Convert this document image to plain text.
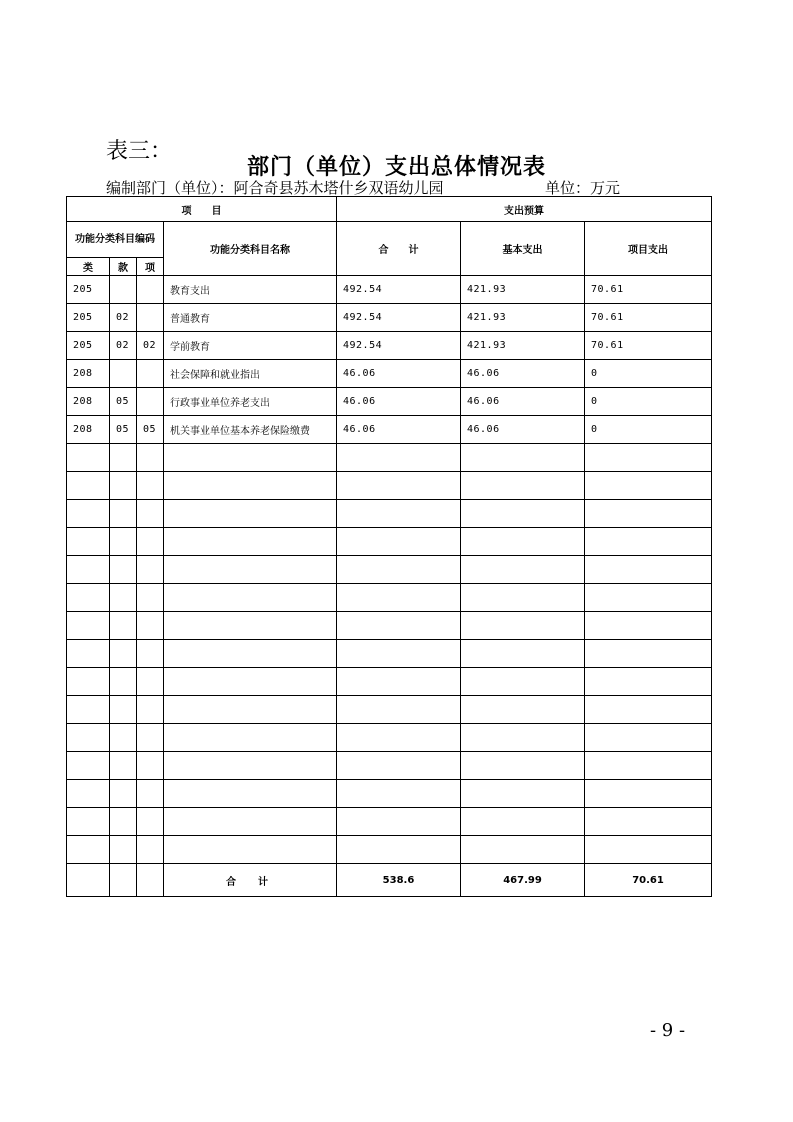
表三：
部门（单位）支出总体情况表
编制部门（单位）：阿合奇县苏木塔什乡双语幼儿园	单位：万元
项　　目				支出预算		
功能分类科目编码			功能分类科目名称	合　　计	基本支出	项目支出
类	款	项				
205			教育支出	492.54	421.93	70.61
205	02		普通教育	492.54	421.93	70.61
205	02	02	学前教育	492.54	421.93	70.61
208			社会保障和就业指出	46.06	46.06	0
208	05		行政事业单位养老支出	46.06	46.06	0
208	05	05	机关事业单位基本养老保险缴费	46.06	46.06	0

			合　计	538.6	467.99	70.61
- 9 -
